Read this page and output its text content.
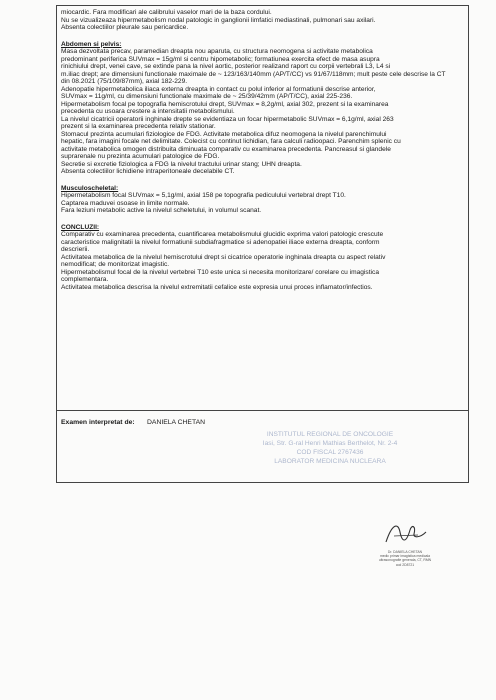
miocardic. Fara modificari ale calibrului vaselor mari de la baza cordului.

Nu se vizualizeaza hipermetabolism nodal patologic in ganglionii limfatici mediastinali, pulmonari sau axilari.

Absenta colectiilor pleurale sau pericardice.

Abdomen si pelvis:

Masa dezvoltata precav, paramedian dreapta nou aparuta, cu structura neomogena si activitate metabolica

predominant periferica SUVmax = 15g/ml si centru hipometabolic; formatiunea exercita efect de masa asupra

rinichiului drept, venei cave, se extinde pana la nivel aortic, posterior realizand raport cu corpii vertebrali L3, L4 si

m.iliac drept; are dimensiuni functionale maximale de ~ 123/163/140mm (AP/T/CC) vs 91/67/118mm; mult peste cele descrise la CT

din 08.2021 (75/109/87mm), axial 182-229.

Adenopatie hipermetabolica iliaca externa dreapta in contact cu polul inferior al formatiunii descrise anterior,

SUVmax = 11g/ml, cu dimensiuni functionale maximale de ~ 25/39/42mm (AP/T/CC), axial 225-236.

Hipermetabolism focal pe topografia hemiscrotului drept, SUVmax = 8,2g/ml, axial 302, prezent si la examinarea

precedenta cu usoara crestere a intensitatii metabolismului.

La nivelul cicatricii operatorii inghinale drepte se evidentiaza un focar hipermetabolic SUVmax = 6,1g/ml, axial 263

prezent si la examinarea precedenta relativ stationar.

Stomacul prezinta acumulari fiziologice de FDG. Activitate metabolica difuz neomogena la nivelul parenchimului

hepatic, fara imagini focale net delimitate. Colecist cu continut lichidian, fara calculi radioopaci. Parenchim splenic cu

activitate metabolica omogen distribuita diminuata comparativ cu examinarea precedenta. Pancreasul si glandele

suprarenale nu prezinta acumulari patologice de FDG.

Secretie si excretie fiziologica a FDG la nivelul tractului urinar stang; UHN dreapta.

Absenta colectiilor lichidiene intraperitoneale decelabile CT.

Musculoscheletal:

Hipermetabolism focal SUVmax = 5,1g/ml, axial 158 pe topografia pediculului vertebral drept T10.

Captarea maduvei osoase in limite normale.

Fara leziuni metabolic active la nivelul scheletului, in volumul scanat.

CONCLUZII:

Comparativ cu examinarea precedenta, cuantificarea metabolismului glucidic exprima valori patologic crescute

caracteristice malignitatii la nivelul formatiunii subdiafragmatice si adenopatiei iliace externa dreapta, conform

descrierii.

Activitatea metabolica de la nivelul hemiscrotului drept si cicatrice operatorie inghinala dreapta cu aspect relativ

nemodificat; de monitorizat imagistic.

Hipermetabolismul focal de la nivelul vertebrei T10 este unica si necesita monitorizare/ corelare cu imagistica

complementara.

Activitatea metabolica descrisa la nivelul extremitatii cefalice este expresia unui proces inflamator/infectios.

Examen interpretat de: DANIELA CHETAN
INSTITUTUL REGIONAL DE ONCOLOGIE
Iasi, Str. G-ral Henri Mathias Berthelot, Nr. 2-4
COD FISCAL 2767436
LABORATOR MEDICINA NUCLEARA
Dr. DANIELA CHETAN
medic primar imagistica medicala
ultrasonografie generala, CT, RMN
cod 2D8721
